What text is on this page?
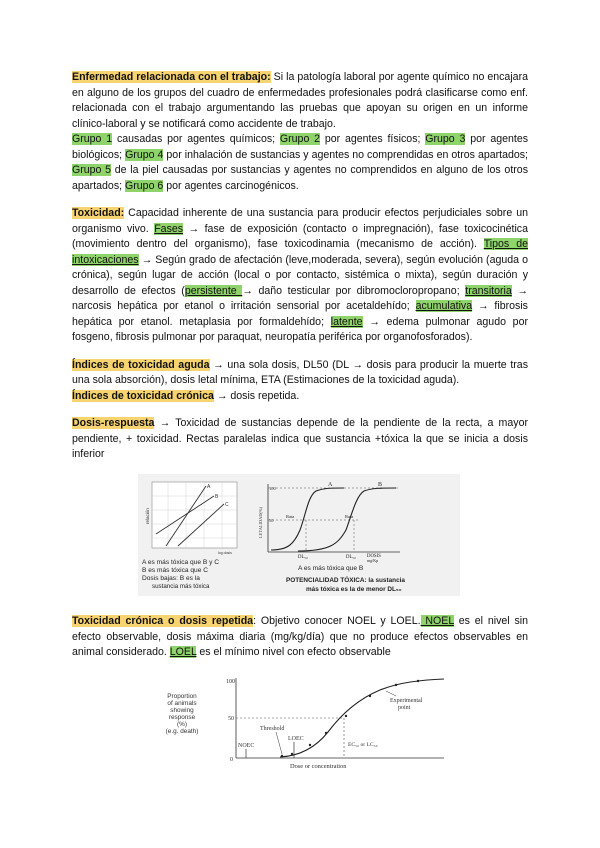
Enfermedad relacionada con el trabajo: Si la patología laboral por agente químico no encajara en alguno de los grupos del cuadro de enfermedades profesionales podrá clasificarse como enf. relacionada con el trabajo argumentando las pruebas que apoyan su origen en un informe clínico-laboral y se notificará como accidente de trabajo.
Grupo 1 causadas por agentes químicos; Grupo 2 por agentes físicos; Grupo 3 por agentes biológicos; Grupo 4 por inhalación de sustancias y agentes no comprendidas en otros apartados; Grupo 5 de la piel causadas por sustancias y agentes no comprendidos en alguno de los otros apartados; Grupo 6 por agentes carcinogénicos.

Toxicidad: Capacidad inherente de una sustancia para producir efectos perjudiciales sobre un organismo vivo. Fases → fase de exposición (contacto o impregnación), fase toxicocinética (movimiento dentro del organismo), fase toxicodinamia (mecanismo de acción). Tipos de intoxicaciones → Según grado de afectación (leve,moderada, severa), según evolución (aguda o crónica), según lugar de acción (local o por contacto, sistémica o mixta), según duración y desarrollo de efectos (persistente → daño testicular por dibromocloropropano; transitoria → narcosis hepática por etanol o irritación sensorial por acetaldehído; acumulativa → fibrosis hepática por etanol. metaplasia por formaldehído; latente → edema pulmonar agudo por fosgeno, fibrosis pulmonar por paraquat, neuropatía periférica por organofosforados).

Índices de toxicidad aguda → una sola dosis, DL50 (DL → dosis para producir la muerte tras una sola absorción), dosis letal mínima, ETA (Estimaciones de la toxicidad aguda).
Índices de toxicidad crónica → dosis repetida.

Dosis-respuesta → Toxicidad de sustancias depende de la pendiente de la recta, a mayor pendiente, + toxicidad. Rectas paralelas indica que sustancia +tóxica la que se inicia a dosis inferior

A
B
C
relación
log dosis
A es más tóxica que B y C
B es más tóxica que C
Dosis bajas: B es la
sustancia más tóxica
LETALIDAD(%)
100
50
A	B
Rata	Rata
DL₅₀	DL₅₀ DOSIS
mg/Kp
A es más tóxica que B
POTENCIALIDAD TÓXICA: la sustancia
más tóxica es la de menor DL₅₀

Toxicidad crónica o dosis repetida: Objetivo conocer NOEL y LOEL. NOEL es el nivel sin efecto observable, dosis máxima diaria (mg/kg/día) que no produce efectos observables en animal considerado. LOEL es el mínimo nivel con efecto observable

Proportion
of animals
showing
response
(%)
(e.g. death)
100
50
0
Experimental
point
Threshold
NOEC
LOEC
EC₅₀ or LC₅₀
Dose or concentration
